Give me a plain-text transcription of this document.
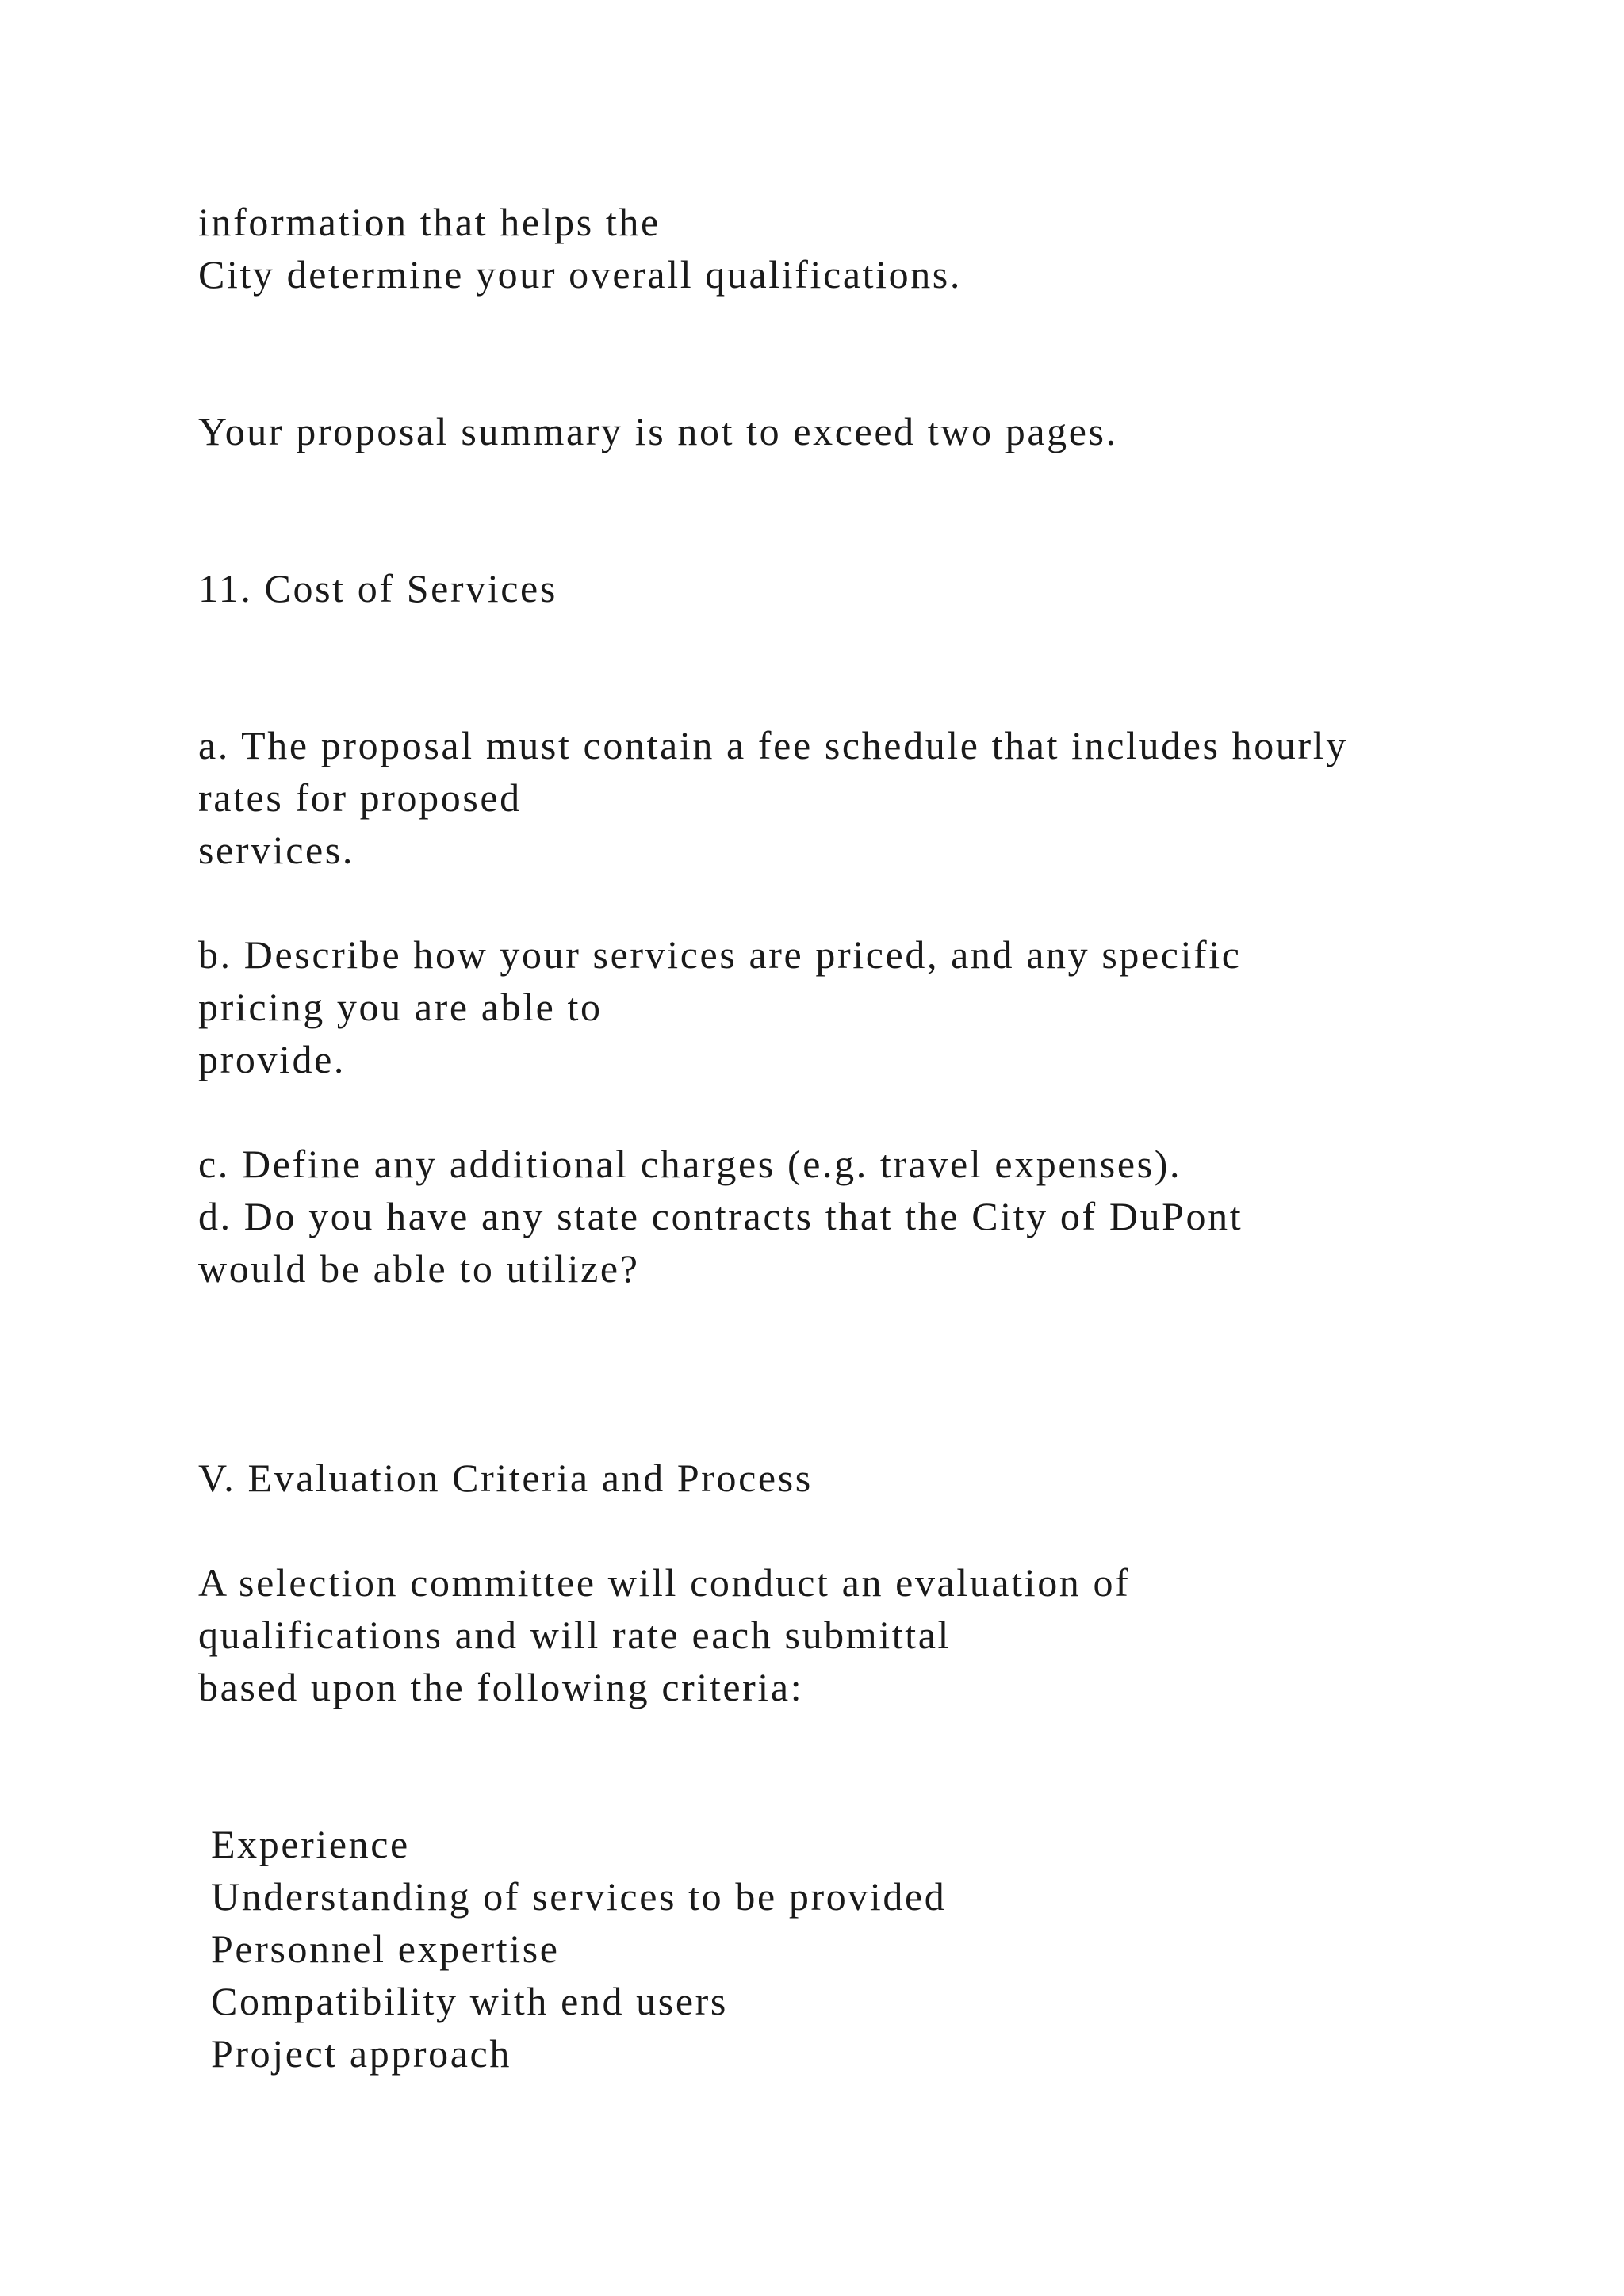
information that helps the

City determine your overall qualifications.

Your proposal summary is not to exceed two pages.

11. Cost of Services

a. The proposal must contain a fee schedule that includes hourly

rates for proposed

services.

b. Describe how your services are priced, and any specific

pricing you are able to

provide.

c. Define any additional charges (e.g. travel expenses).

d. Do you have any state contracts that the City of DuPont

would be able to utilize?

V. Evaluation Criteria and Process

A selection committee will conduct an evaluation of

qualifications and will rate each submittal

based upon the following criteria:

Experience

Understanding of services to be provided

Personnel expertise

Compatibility with end users

Project approach
